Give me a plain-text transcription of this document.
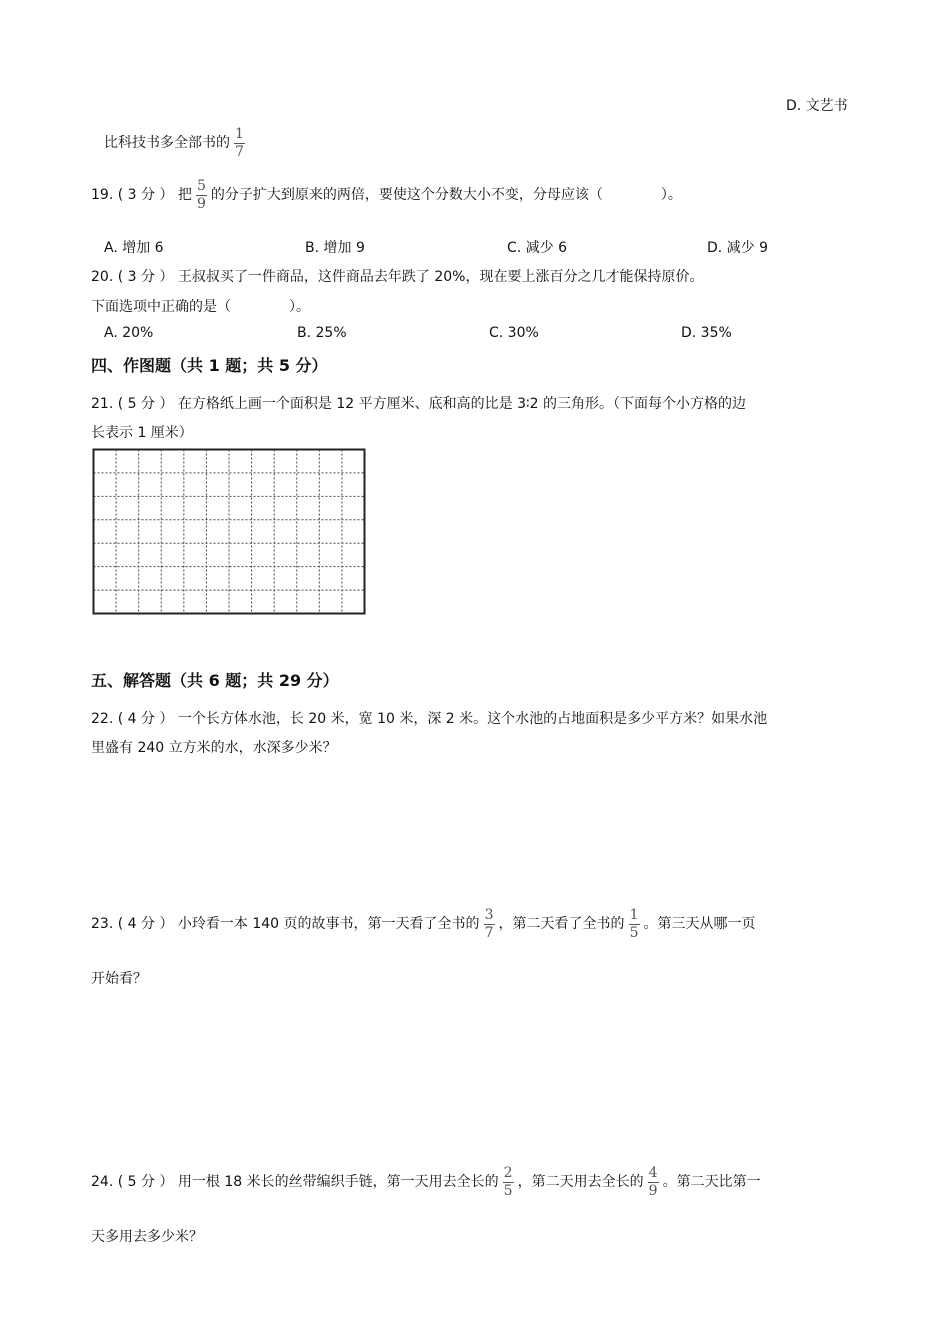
D. 文艺书
比科技书多全部书的 $\frac{1}{7}$
19. ( 3 分 ） 把 $\frac{5}{9}$ 的分子扩大到原来的两倍，要使这个分数大小不变，分母应该（	）。
A. 增加 6	B. 增加 9	C. 减少 6	D. 减少 9
20. ( 3 分 ） 王叔叔买了一件商品，这件商品去年跌了 20%，现在要上涨百分之几才能保持原价。
下面选项中正确的是（	）。
A. 20%	B. 25%	C. 30%	D. 35%
四、作图题（共 1 题；共 5 分）
21. ( 5 分 ） 在方格纸上画一个面积是 12 平方厘米、底和高的比是 3∶2 的三角形。（下面每个小方格的边
长表示 1 厘米）
五、解答题（共 6 题；共 29 分）
22. ( 4 分 ） 一个长方体水池，长 20 米，宽 10 米，深 2 米。这个水池的占地面积是多少平方米？如果水池
里盛有 240 立方米的水，水深多少米？
23. ( 4 分 ） 小玲看一本 140 页的故事书，第一天看了全书的 $\frac{3}{7}$ ，第二天看了全书的 $\frac{1}{5}$ 。第三天从哪一页
开始看？
24. ( 5 分 ） 用一根 18 米长的丝带编织手链，第一天用去全长的 $\frac{2}{5}$ ，第二天用去全长的 $\frac{4}{9}$ 。第二天比第一
天多用去多少米？
